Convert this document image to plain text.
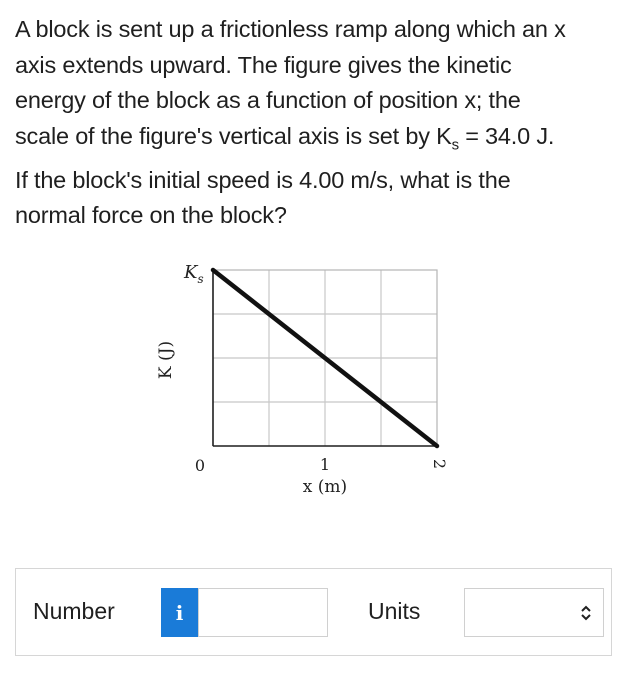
A block is sent up a frictionless ramp along which an x
axis extends upward. The figure gives the kinetic
energy of the block as a function of position x; the
scale of the figure's vertical axis is set by $K_s = 34.0$ J.
If the block's initial speed is 4.00 m/s, what is the
normal force on the block?
$K_s$
0	1	2
x (m)
K (J)
Number	i	Units
